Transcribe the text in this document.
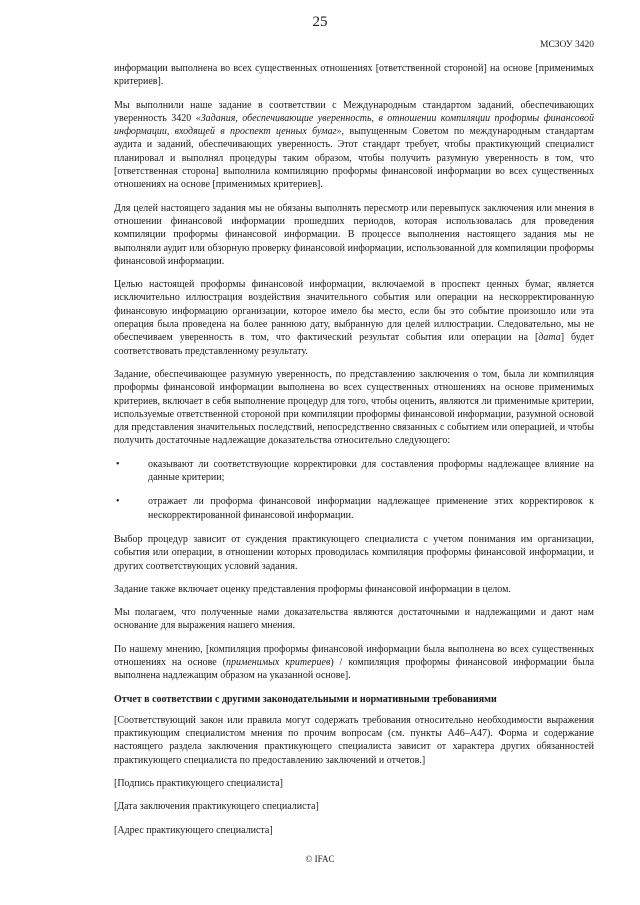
25
МСЗОУ 3420

информации выполнена во всех существенных отношениях [ответственной стороной] на основе [применимых критериев].

Мы выполнили наше задание в соответствии с Международным стандартом заданий, обеспечивающих уверенность 3420 «Задания, обеспечивающие уверенность, в отношении компиляции проформы финансовой информации, входящей в проспект ценных бумаг», выпущенным Советом по международным стандартам аудита и заданий, обеспечивающих уверенность. Этот стандарт требует, чтобы практикующий специалист планировал и выполнял процедуры таким образом, чтобы получить разумную уверенность в том, что [ответственная сторона] выполнила компиляцию проформы финансовой информации во всех существенных отношениях на основе [применимых критериев].

Для целей настоящего задания мы не обязаны выполнять пересмотр или перевыпуск заключения или мнения в отношении финансовой информации прошедших периодов, которая использовалась для проведения компиляции проформы финансовой информации. В процессе выполнения настоящего задания мы не выполняли аудит или обзорную проверку финансовой информации, использованной для компиляции проформы финансовой информации.

Целью настоящей проформы финансовой информации, включаемой в проспект ценных бумаг, является исключительно иллюстрация воздействия значительного события или операции на нескорректированную финансовую информацию организации, которое имело бы место, если бы это событие произошло или эта операция была проведена на более раннюю дату, выбранную для целей иллюстрации. Следовательно, мы не обеспечиваем уверенность в том, что фактический результат события или операции на [дата] будет соответствовать представленному результату.

Задание, обеспечивающее разумную уверенность, по представлению заключения о том, была ли компиляция проформы финансовой информации выполнена во всех существенных отношениях на основе применимых критериев, включает в себя выполнение процедур для того, чтобы оценить, являются ли применимые критерии, используемые ответственной стороной при компиляции проформы финансовой информации, разумной основой для представления значительных последствий, непосредственно связанных с событием или операцией, и чтобы получить достаточные надлежащие доказательства относительно следующего:

•	оказывают ли соответствующие корректировки для составления проформы надлежащее влияние на данные критерии;
•	отражает ли проформа финансовой информации надлежащее применение этих корректировок к нескорректированной финансовой информации.

Выбор процедур зависит от суждения практикующего специалиста с учетом понимания им организации, события или операции, в отношении которых проводилась компиляция проформы финансовой информации, и других соответствующих условий задания.

Задание также включает оценку представления проформы финансовой информации в целом.

Мы полагаем, что полученные нами доказательства являются достаточными и надлежащими и дают нам основание для выражения нашего мнения.

По нашему мнению, [компиляция проформы финансовой информации была выполнена во всех существенных отношениях на основе (применимых критериев) / компиляция проформы финансовой информации была выполнена надлежащим образом на указанной основе].

Отчет в соответствии с другими законодательными и нормативными требованиями

[Соответствующий закон или правила могут содержать требования относительно необходимости выражения практикующим специалистом мнения по прочим вопросам (см. пункты А46–А47). Форма и содержание настоящего раздела заключения практикующего специалиста зависит от характера других обязанностей практикующего специалиста по предоставлению заключений и отчетов.]

[Подпись практикующего специалиста]
[Дата заключения практикующего специалиста]
[Адрес практикующего специалиста]
© IFAC
